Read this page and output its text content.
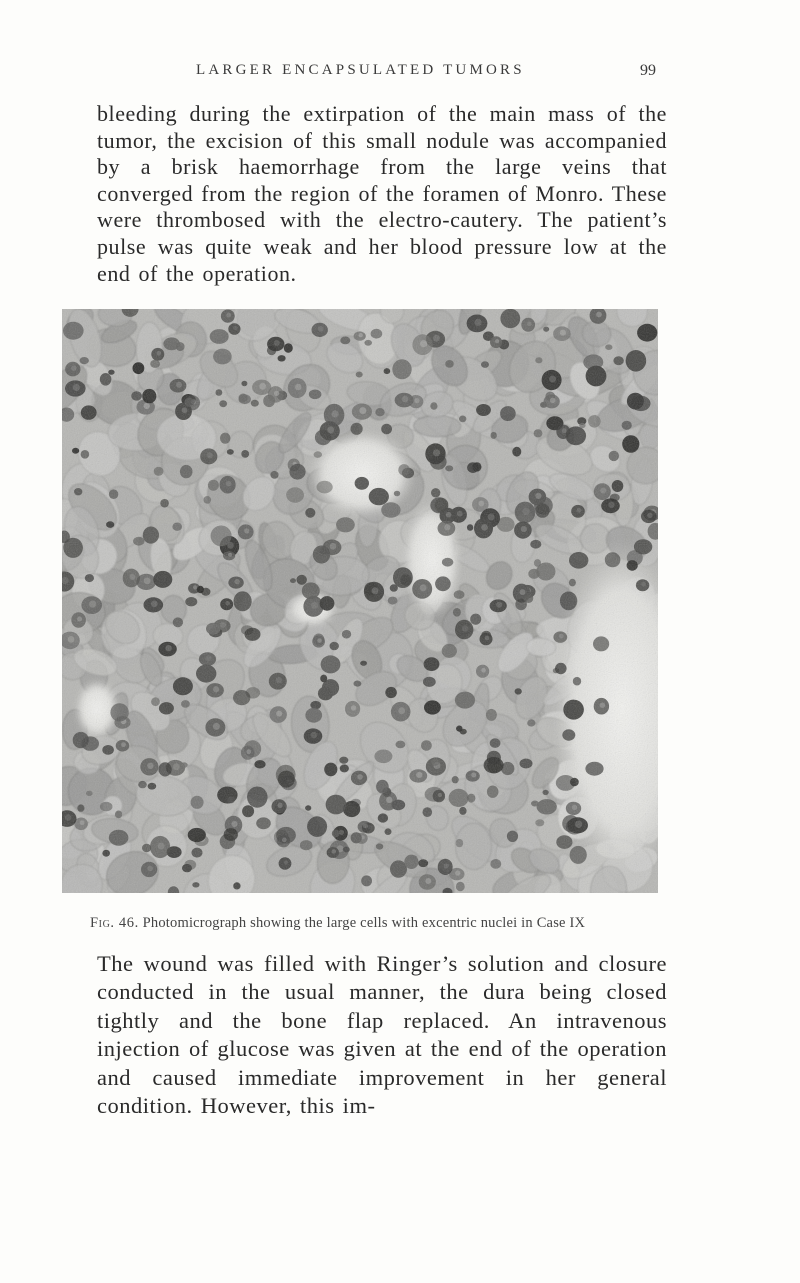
LARGER ENCAPSULATED TUMORS	99

bleeding during the extirpation of the main mass of the tumor, the excision of this small nodule was accompanied by a brisk haemorrhage from the large veins that converged from the region of the foramen of Monro. These were thrombosed with the electro-cautery. The patient’s pulse was quite weak and her blood pressure low at the end of the operation.

Fig. 46. Photomicrograph showing the large cells with excentric nuclei in Case IX

The wound was filled with Ringer’s solution and closure conducted in the usual manner, the dura being closed tightly and the bone flap replaced. An intravenous injection of glucose was given at the end of the operation and caused immediate improvement in her general condition. However, this im-
